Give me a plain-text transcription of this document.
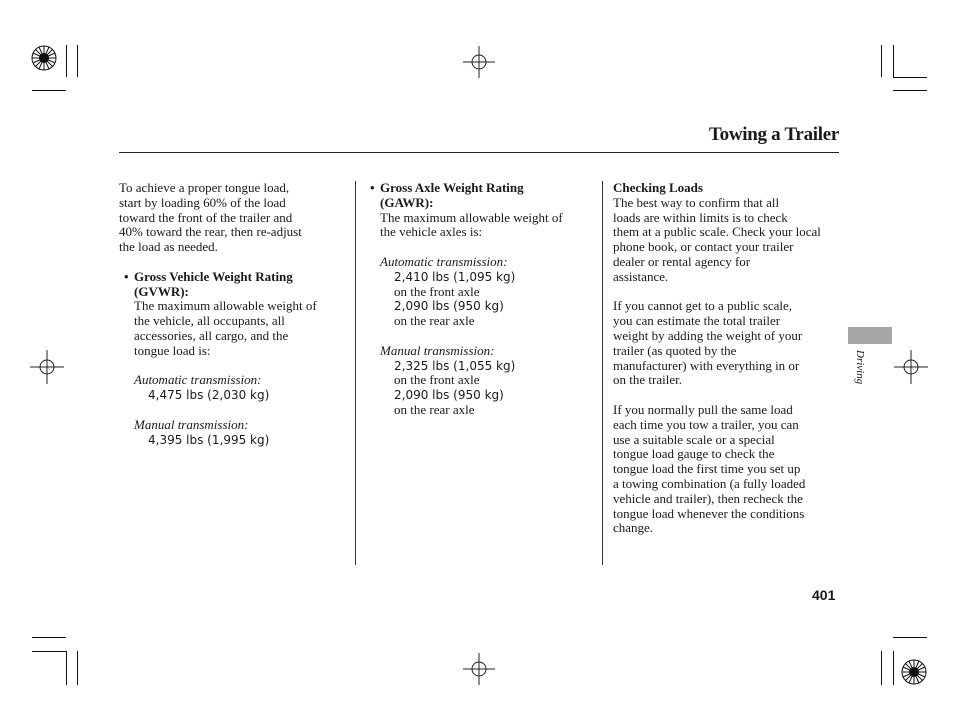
Towing a Trailer

To achieve a proper tongue load,

start by loading 60% of the load

toward the front of the trailer and

40% toward the rear, then re-adjust

the load as needed.

• Gross Vehicle Weight Rating

(GVWR):

The maximum allowable weight of

the vehicle, all occupants, all

accessories, all cargo, and the

tongue load is:

Automatic transmission:

4,475 lbs (2,030 kg)

Manual transmission:

4,395 lbs (1,995 kg)

• Gross Axle Weight Rating

(GAWR):

The maximum allowable weight of

the vehicle axles is:

Automatic transmission:

2,410 lbs (1,095 kg)

on the front axle

2,090 lbs (950 kg)

on the rear axle

Manual transmission:

2,325 lbs (1,055 kg)

on the front axle

2,090 lbs (950 kg)

on the rear axle

Checking Loads

The best way to confirm that all

loads are within limits is to check

them at a public scale. Check your local

phone book, or contact your trailer

dealer or rental agency for

assistance.

If you cannot get to a public scale,

you can estimate the total trailer

weight by adding the weight of your

trailer (as quoted by the

manufacturer) with everything in or

on the trailer.

If you normally pull the same load

each time you tow a trailer, you can

use a suitable scale or a special

tongue load gauge to check the

tongue load the first time you set up

a towing combination (a fully loaded

vehicle and trailer), then recheck the

tongue load whenever the conditions

change.

Driving
401
